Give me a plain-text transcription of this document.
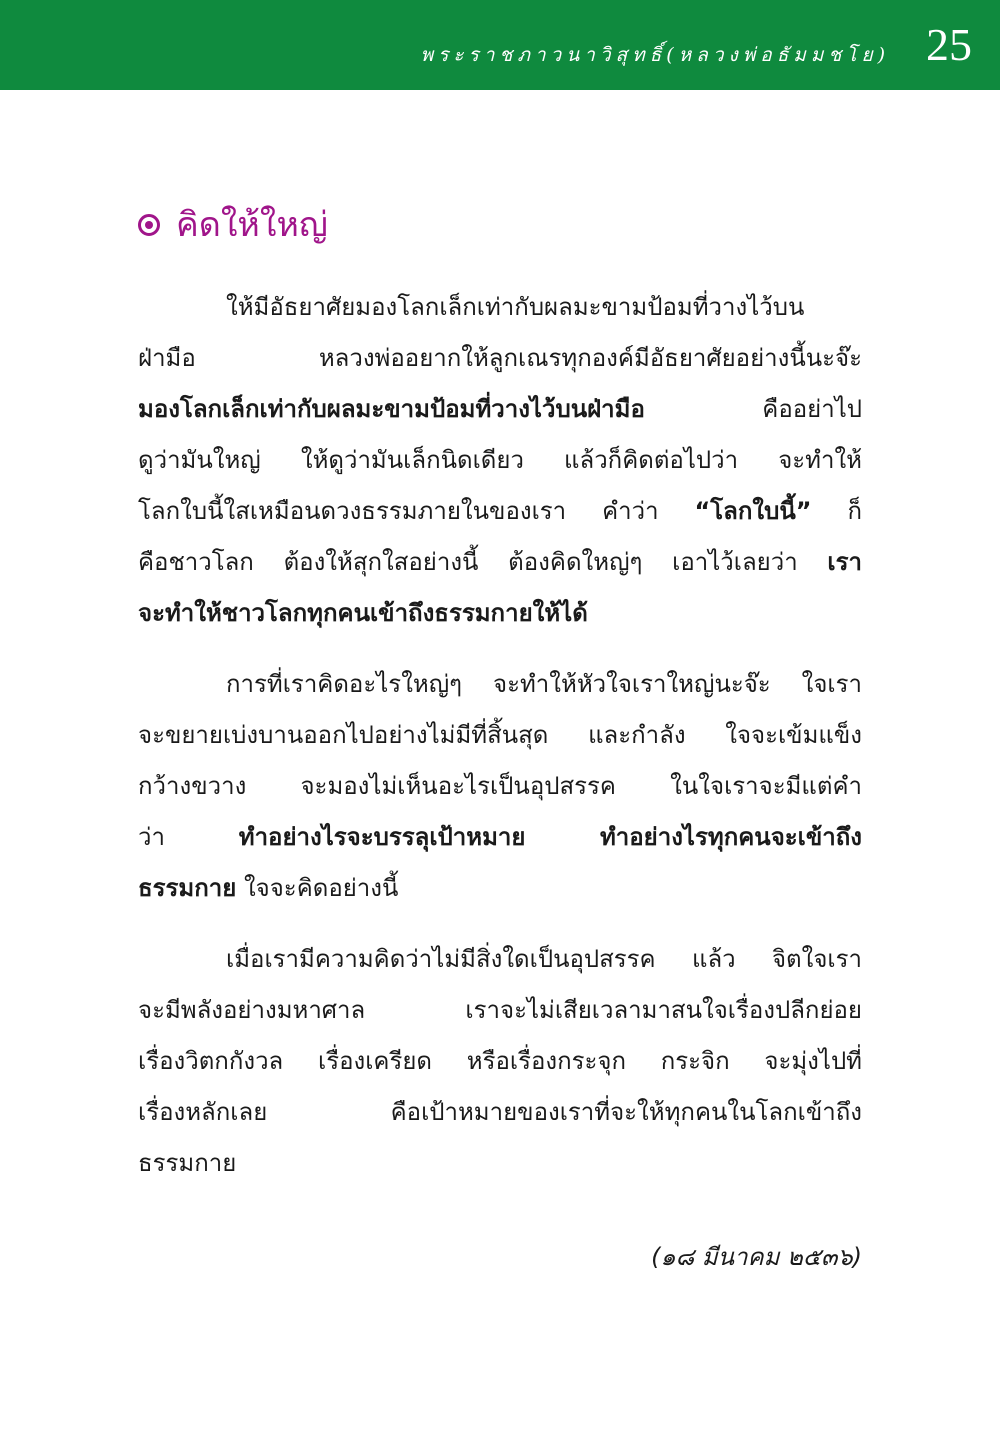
พระราชภาวนาวิสุทธิ์(หลวงพ่อธัมมชโย) 25
คิดให้ใหญ่
ให้มีอัธยาศัยมองโลกเล็กเท่ากับผลมะขามป้อมที่วางไว้บน
ฝ่ามือ หลวงพ่ออยากให้ลูกเณรทุกองค์มีอัธยาศัยอย่างนี้นะจ๊ะ
มองโลกเล็กเท่ากับผลมะขามป้อมที่วางไว้บนฝ่ามือ คืออย่าไป
ดูว่ามันใหญ่ ให้ดูว่ามันเล็กนิดเดียว แล้วก็คิดต่อไปว่า จะทำให้
โลกใบนี้ใสเหมือนดวงธรรมภายในของเรา คำว่า “โลกใบนี้” ก็
คือชาวโลก ต้องให้สุกใสอย่างนี้ ต้องคิดใหญ่ๆ เอาไว้เลยว่า เรา
จะทำให้ชาวโลกทุกคนเข้าถึงธรรมกายให้ได้
การที่เราคิดอะไรใหญ่ๆ จะทำให้หัวใจเราใหญ่นะจ๊ะ ใจเรา
จะขยายเบ่งบานออกไปอย่างไม่มีที่สิ้นสุด และกำลัง ใจจะเข้มแข็ง
กว้างขวาง จะมองไม่เห็นอะไรเป็นอุปสรรค ในใจเราจะมีแต่คำ
ว่า ทำอย่างไรจะบรรลุเป้าหมาย ทำอย่างไรทุกคนจะเข้าถึง
ธรรมกาย ใจจะคิดอย่างนี้
เมื่อเรามีความคิดว่าไม่มีสิ่งใดเป็นอุปสรรค แล้ว จิตใจเรา
จะมีพลังอย่างมหาศาล เราจะไม่เสียเวลามาสนใจเรื่องปลีกย่อย
เรื่องวิตกกังวล เรื่องเครียด หรือเรื่องกระจุก กระจิก จะมุ่งไปที่
เรื่องหลักเลย คือเป้าหมายของเราที่จะให้ทุกคนในโลกเข้าถึง
ธรรมกาย
(๑๘ มีนาคม ๒๕๓๖)
